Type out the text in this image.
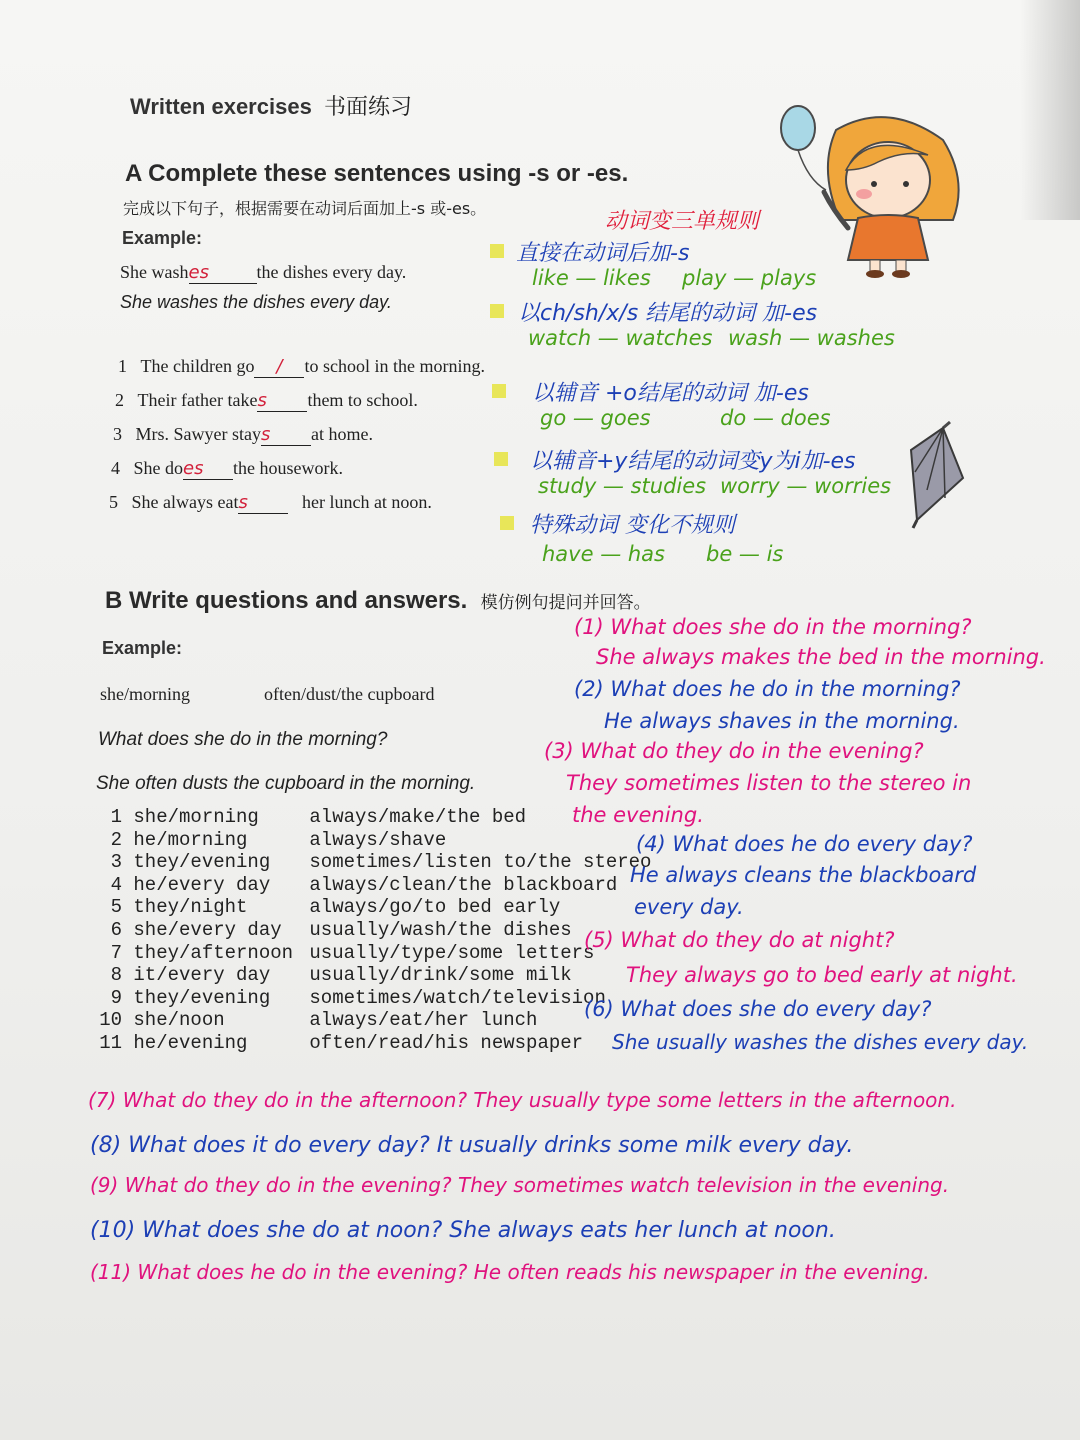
Written exercises 书面练习
A Complete these sentences using -s or -es.
完成以下句子，根据需要在动词后面加上-s 或-es。
Example:
She washes	the dishes every day.
She washes the dishes every day.
1 The children go / to school in the morning.
2 Their father takes them to school.
3 Mrs. Sawyer stays at home.
4 She does the housework.
5 She always eats	her lunch at noon.
动词变三单规则
直接在动词后加-s
like — likes play — plays
以ch/sh/x/s 结尾的动词 加-es
watch — watches wash — washes
以辅音 +o结尾的动词 加-es
go — goes	do — does
以辅音+y结尾的动词变y为i加-es
study — studies worry — worries
特殊动词 变化不规则
have — has be — is
B Write questions and answers. 模仿例句提问并回答。
Example:
she/morning	often/dust/the cupboard
What does she do in the morning?
She often dusts the cupboard in the morning.
1 she/morning	always/make/the bed
2 he/morning	always/shave
3 they/evening sometimes/listen to/the stereo
4 he/every day always/clean/the blackboard
5 they/night	always/go/to bed early
6 she/every day usually/wash/the dishes
7 they/afternoon usually/type/some letters
8 it/every day usually/drink/some milk
9 they/evening sometimes/watch/television
10 she/noon	always/eat/her lunch
11 he/evening	often/read/his newspaper
(1) What does she do in the morning?
She always makes the bed in the morning.
(2) What does he do in the morning?
He always shaves in the morning.
(3) What do they do in the evening?
They sometimes listen to the stereo in
the evening.
(4) What does he do every day?
He always cleans the blackboard
every day.
(5) What do they do at night?
They always go to bed early at night.
(6) What does she do every day?
She usually washes the dishes every day.
(7) What do they do in the afternoon? They usually type some letters in the afternoon.
(8) What does it do every day? It usually drinks some milk every day.
(9) What do they do in the evening? They sometimes watch television in the evening.
(10) What does she do at noon? She always eats her lunch at noon.
(11) What does he do in the evening? He often reads his newspaper in the evening.
